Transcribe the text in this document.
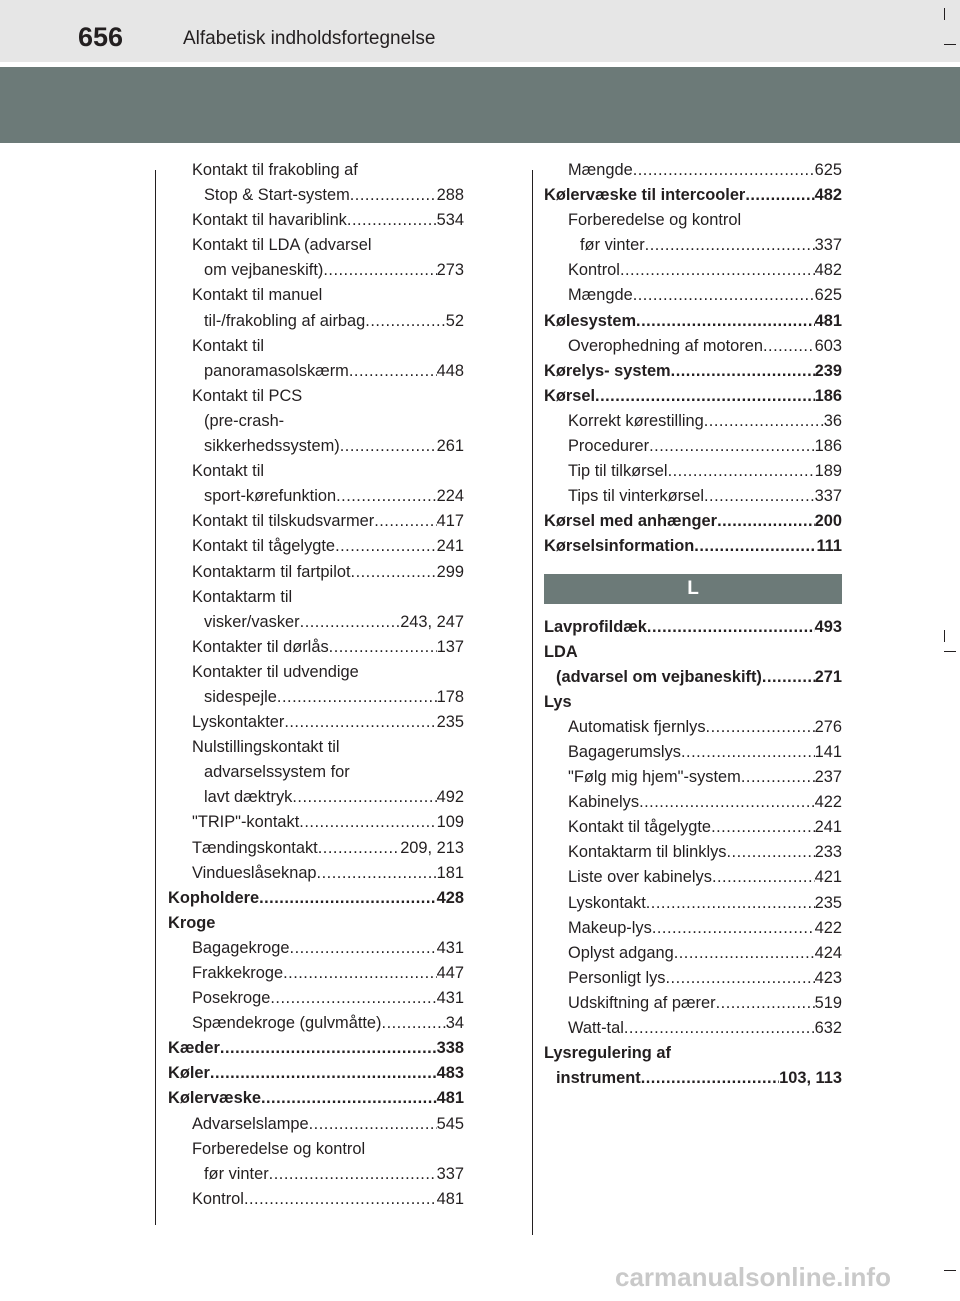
656	Alfabetisk indholdsfortegnelse
Kontakt til frakobling af
Stop & Start-system .....	288
Kontakt til havariblink .....	534
Kontakt til LDA (advarsel
om vejbaneskift) .....	273
Kontakt til manuel
til-/frakobling af airbag .....	52
Kontakt til
panoramasolskærm .....	448
Kontakt til PCS
(pre-crash-
sikkerhedssystem) .....	261
Kontakt til
sport-kørefunktion .....	224
Kontakt til tilskudsvarmer .....	417
Kontakt til tågelygte .....	241
Kontaktarm til fartpilot .....	299
Kontaktarm til
visker/vasker .....	243, 247
Kontakter til dørlås .....	137
Kontakter til udvendige
sidespejle .....	178
Lyskontakter .....	235
Nulstillingskontakt til
advarselssystem for
lavt dæktryk .....	492
"TRIP"-kontakt .....	109
Tændingskontakt .....	209, 213
Vindueslåseknap .....	181
Kopholdere .....	428
Kroge
Bagagekroge .....	431
Frakkekroge .....	447
Posekroge .....	431
Spændekroge (gulvmåtte) .....	34
Kæder .....	338
Køler .....	483
Kølervæske .....	481
Advarselslampe .....	545
Forberedelse og kontrol
før vinter .....	337
Kontrol .....	481
Mængde .....	625
Kølervæske til intercooler .....	482
Forberedelse og kontrol
før vinter .....	337
Kontrol .....	482
Mængde .....	625
Kølesystem .....	481
Overophedning af motoren .....	603
Kørelys- system .....	239
Kørsel .....	186
Korrekt kørestilling .....	36
Procedurer .....	186
Tip til tilkørsel .....	189
Tips til vinterkørsel .....	337
Kørsel med anhænger .....	200
Kørselsinformation .....	111
L
Lavprofildæk .....	493
LDA
(advarsel om vejbaneskift) .....	271
Lys
Automatisk fjernlys .....	276
Bagagerumslys .....	141
"Følg mig hjem"-system .....	237
Kabinelys .....	422
Kontakt til tågelygte .....	241
Kontaktarm til blinklys .....	233
Liste over kabinelys .....	421
Lyskontakt .....	235
Makeup-lys .....	422
Oplyst adgang .....	424
Personligt lys .....	423
Udskiftning af pærer .....	519
Watt-tal .....	632
Lysregulering af
instrument .....	103, 113
carmanualsonline.info
